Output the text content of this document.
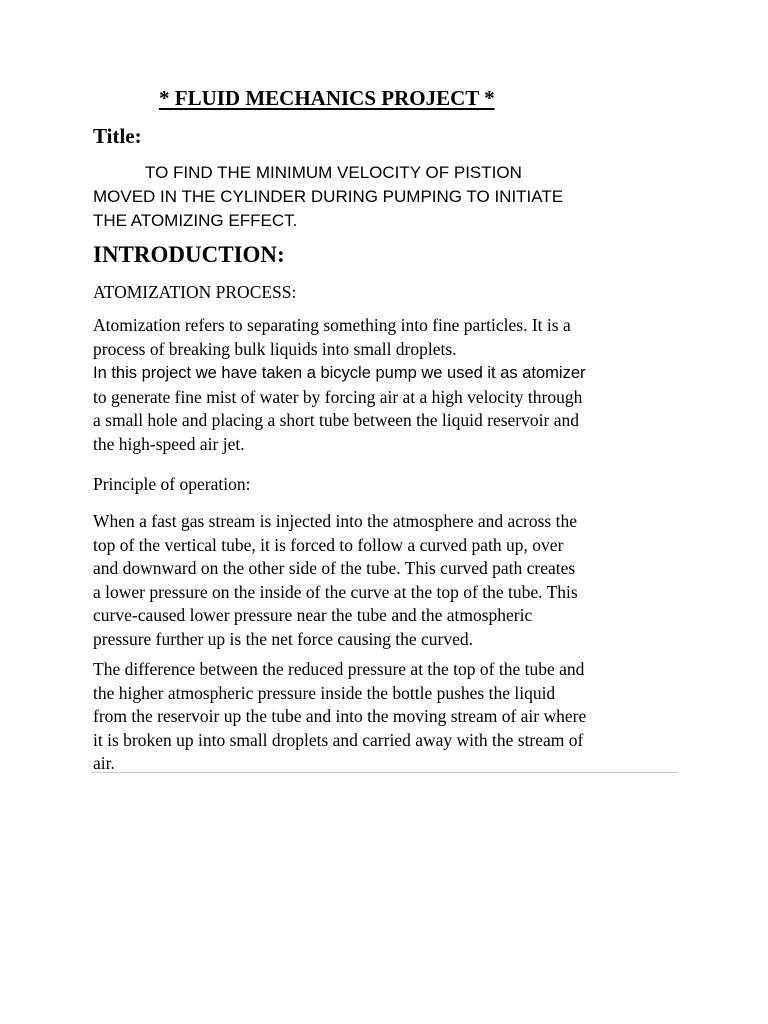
* FLUID MECHANICS PROJECT *
Title:
TO FIND THE MINIMUM VELOCITY OF PISTION
MOVED IN THE CYLINDER DURING PUMPING TO INITIATE
THE ATOMIZING EFFECT.
INTRODUCTION:
ATOMIZATION PROCESS:
Atomization refers to separating something into fine particles. It is a
process of breaking bulk liquids into small droplets.
In this project we have taken a bicycle pump we used it as atomizer
to generate fine mist of water by forcing air at a high velocity through
a small hole and placing a short tube between the liquid reservoir and
the high-speed air jet.
Principle of operation:
When a fast gas stream is injected into the atmosphere and across the
top of the vertical tube, it is forced to follow a curved path up, over
and downward on the other side of the tube. This curved path creates
a lower pressure on the inside of the curve at the top of the tube. This
curve-caused lower pressure near the tube and the atmospheric
pressure further up is the net force causing the curved.
The difference between the reduced pressure at the top of the tube and
the higher atmospheric pressure inside the bottle pushes the liquid
from the reservoir up the tube and into the moving stream of air where
it is broken up into small droplets and carried away with the stream of
air.
